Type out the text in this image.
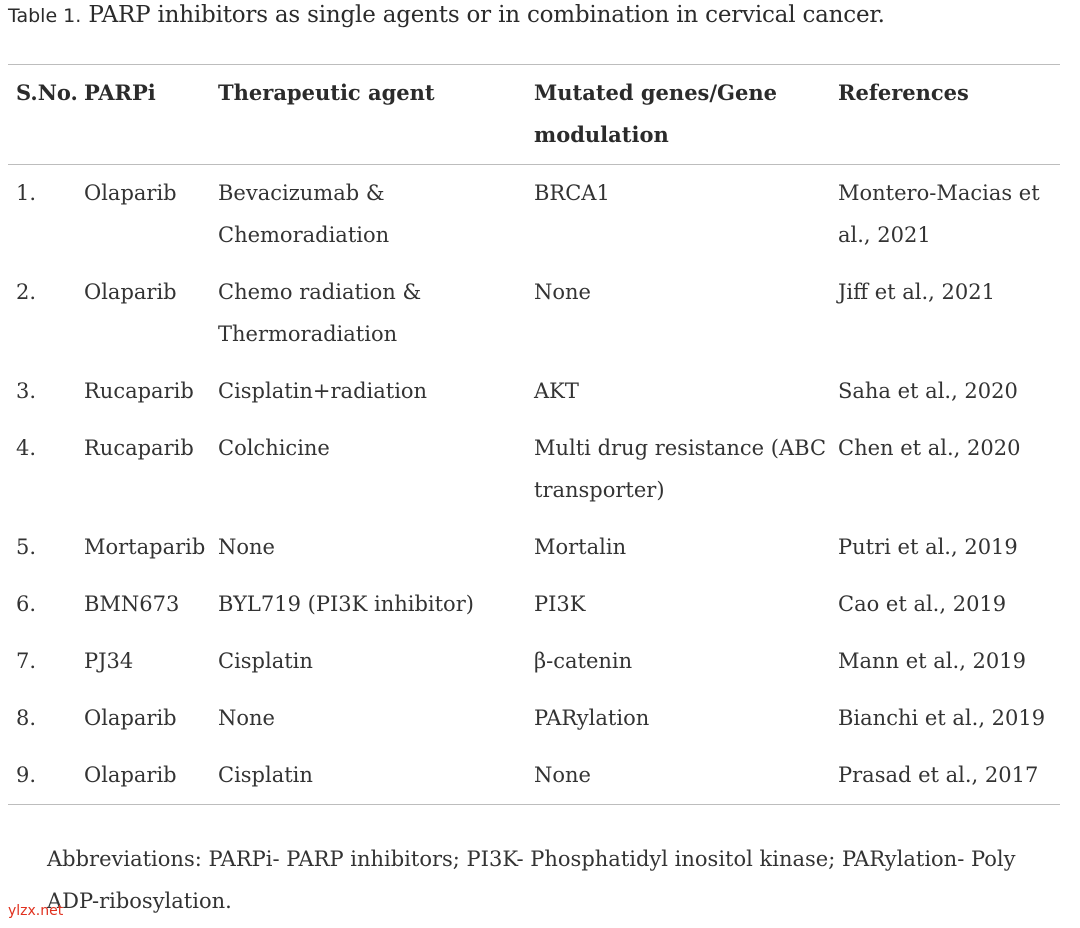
Table 1. PARP inhibitors as single agents or in combination in cervical cancer.
S.No.	PARPi	Therapeutic agent	Mutated genes/Gene modulation	References
1.	Olaparib	Bevacizumab & Chemoradiation	BRCA1	Montero-Macias et al., 2021
2.	Olaparib	Chemo radiation & Thermoradiation	None	Jiff et al., 2021
3.	Rucaparib	Cisplatin+radiation	AKT	Saha et al., 2020
4.	Rucaparib	Colchicine	Multi drug resistance (ABC transporter)	Chen et al., 2020
5.	Mortaparib	None	Mortalin	Putri et al., 2019
6.	BMN673	BYL719 (PI3K inhibitor)	PI3K	Cao et al., 2019
7.	PJ34	Cisplatin	β-catenin	Mann et al., 2019
8.	Olaparib	None	PARylation	Bianchi et al., 2019
9.	Olaparib	Cisplatin	None	Prasad et al., 2017
Abbreviations: PARPi- PARP inhibitors; PI3K- Phosphatidyl inositol kinase; PARylation- Poly ADP-ribosylation.
ylzx.net
